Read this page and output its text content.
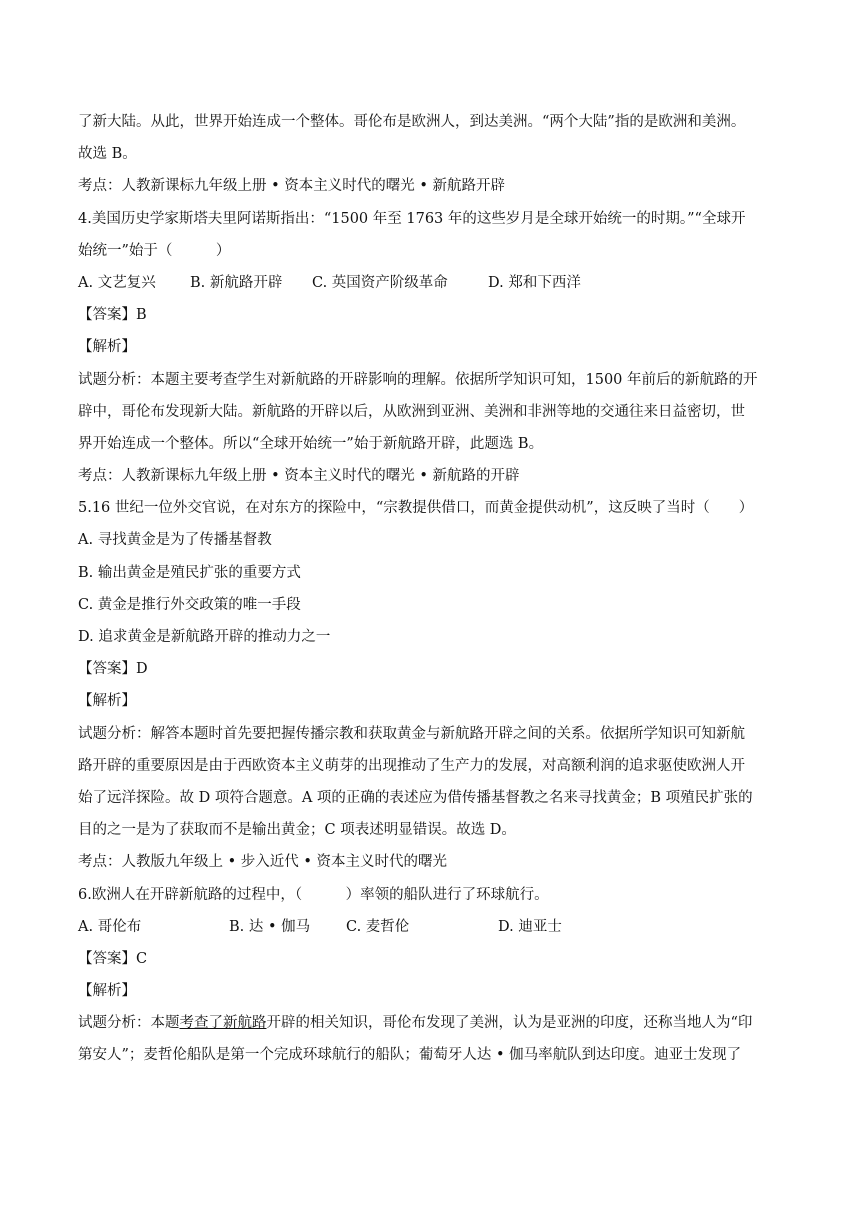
了新大陆。从此，世界开始连成一个整体。哥伦布是欧洲人，到达美洲。“两个大陆”指的是欧洲和美洲。
故选 B。
考点：人教新课标九年级上册 • 资本主义时代的曙光 • 新航路开辟
4.美国历史学家斯塔夫里阿诺斯指出：“1500 年至 1763 年的这些岁月是全球开始统一的时期。”“全球开
始统一”始于（　　　）
A. 文艺复兴 B. 新航路开辟 C. 英国资产阶级革命	D. 郑和下西洋
【答案】B
【解析】
试题分析：本题主要考查学生对新航路的开辟影响的理解。依据所学知识可知，1500 年前后的新航路的开
辟中，哥伦布发现新大陆。新航路的开辟以后，从欧洲到亚洲、美洲和非洲等地的交通往来日益密切，世
界开始连成一个整体。所以“全球开始统一”始于新航路开辟，此题选 B。
考点：人教新课标九年级上册 • 资本主义时代的曙光 • 新航路的开辟
5.16 世纪一位外交官说，在对东方的探险中，“宗教提供借口，而黄金提供动机”，这反映了当时（　　）
A. 寻找黄金是为了传播基督教
B. 输出黄金是殖民扩张的重要方式
C. 黄金是推行外交政策的唯一手段
D. 追求黄金是新航路开辟的推动力之一
【答案】D
【解析】
试题分析：解答本题时首先要把握传播宗教和获取黄金与新航路开辟之间的关系。依据所学知识可知新航
路开辟的重要原因是由于西欧资本主义萌芽的出现推动了生产力的发展，对高额利润的追求驱使欧洲人开
始了远洋探险。故 D 项符合题意。A 项的正确的表述应为借传播基督教之名来寻找黄金；B 项殖民扩张的
目的之一是为了获取而不是输出黄金；C 项表述明显错误。故选 D。
考点：人教版九年级上 • 步入近代 • 资本主义时代的曙光
6.欧洲人在开辟新航路的过程中，（　　　）率领的船队进行了环球航行。
A. 哥伦布	B. 达 • 伽马 C. 麦哲伦	D. 迪亚士
【答案】C
【解析】
试题分析：本题考查了新航路开辟的相关知识，哥伦布发现了美洲，认为是亚洲的印度，还称当地人为“印
第安人”；麦哲伦船队是第一个完成环球航行的船队；葡萄牙人达 • 伽马率航队到达印度。迪亚士发现了
